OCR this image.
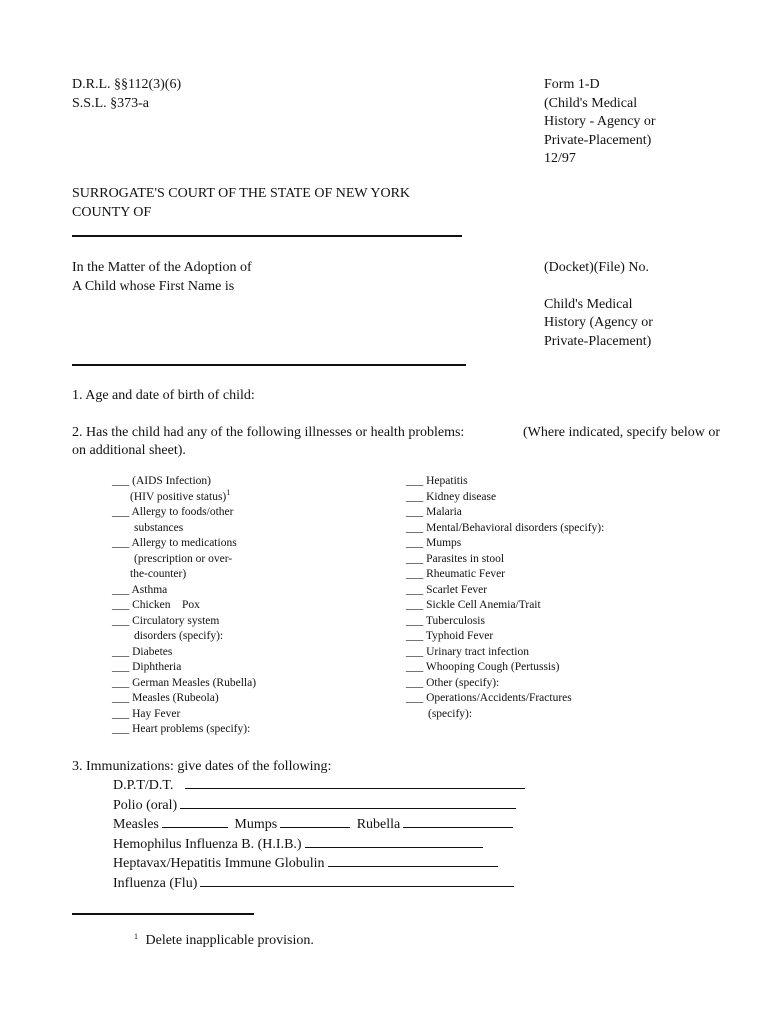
D.R.L. §§112(3)(6)
S.S.L. §373-a
Form 1-D
(Child's Medical
History - Agency or
Private-Placement)
12/97
SURROGATE'S COURT OF THE STATE OF NEW YORK
COUNTY OF
In the Matter of the Adoption of
A Child whose First Name is
(Docket)(File) No.
Child's Medical
History (Agency or
Private-Placement)
1. Age and date of birth of child:
2. Has the child had any of the following illnesses or health problems:	(Where indicated, specify below or
on additional sheet).
___ (AIDS Infection)
(HIV positive status)$^1$
___ Allergy to foods/other
substances
___ Allergy to medications
(prescription or over-
the-counter)
___ Asthma
___ Chicken    Pox
___ Circulatory system
disorders (specify):
___ Diabetes
___ Diphtheria
___ German Measles (Rubella)
___ Measles (Rubeola)
___ Hay Fever
___ Heart problems (specify):
___ Hepatitis
___ Kidney disease
___ Malaria
___ Mental/Behavioral disorders (specify):
___ Mumps
___ Parasites in stool
___ Rheumatic Fever
___ Scarlet Fever
___ Sickle Cell Anemia/Trait
___ Tuberculosis
___ Typhoid Fever
___ Urinary tract infection
___ Whooping Cough (Pertussis)
___ Other (specify):
___ Operations/Accidents/Fractures
(specify):
3. Immunizations: give dates of the following:
D.P.T/D.T.
Polio (oral)
Measles	Mumps	Rubella
Hemophilus Influenza B. (H.I.B.)
Heptavax/Hepatitis Immune Globulin
Influenza (Flu)
$^1$ Delete inapplicable provision.
